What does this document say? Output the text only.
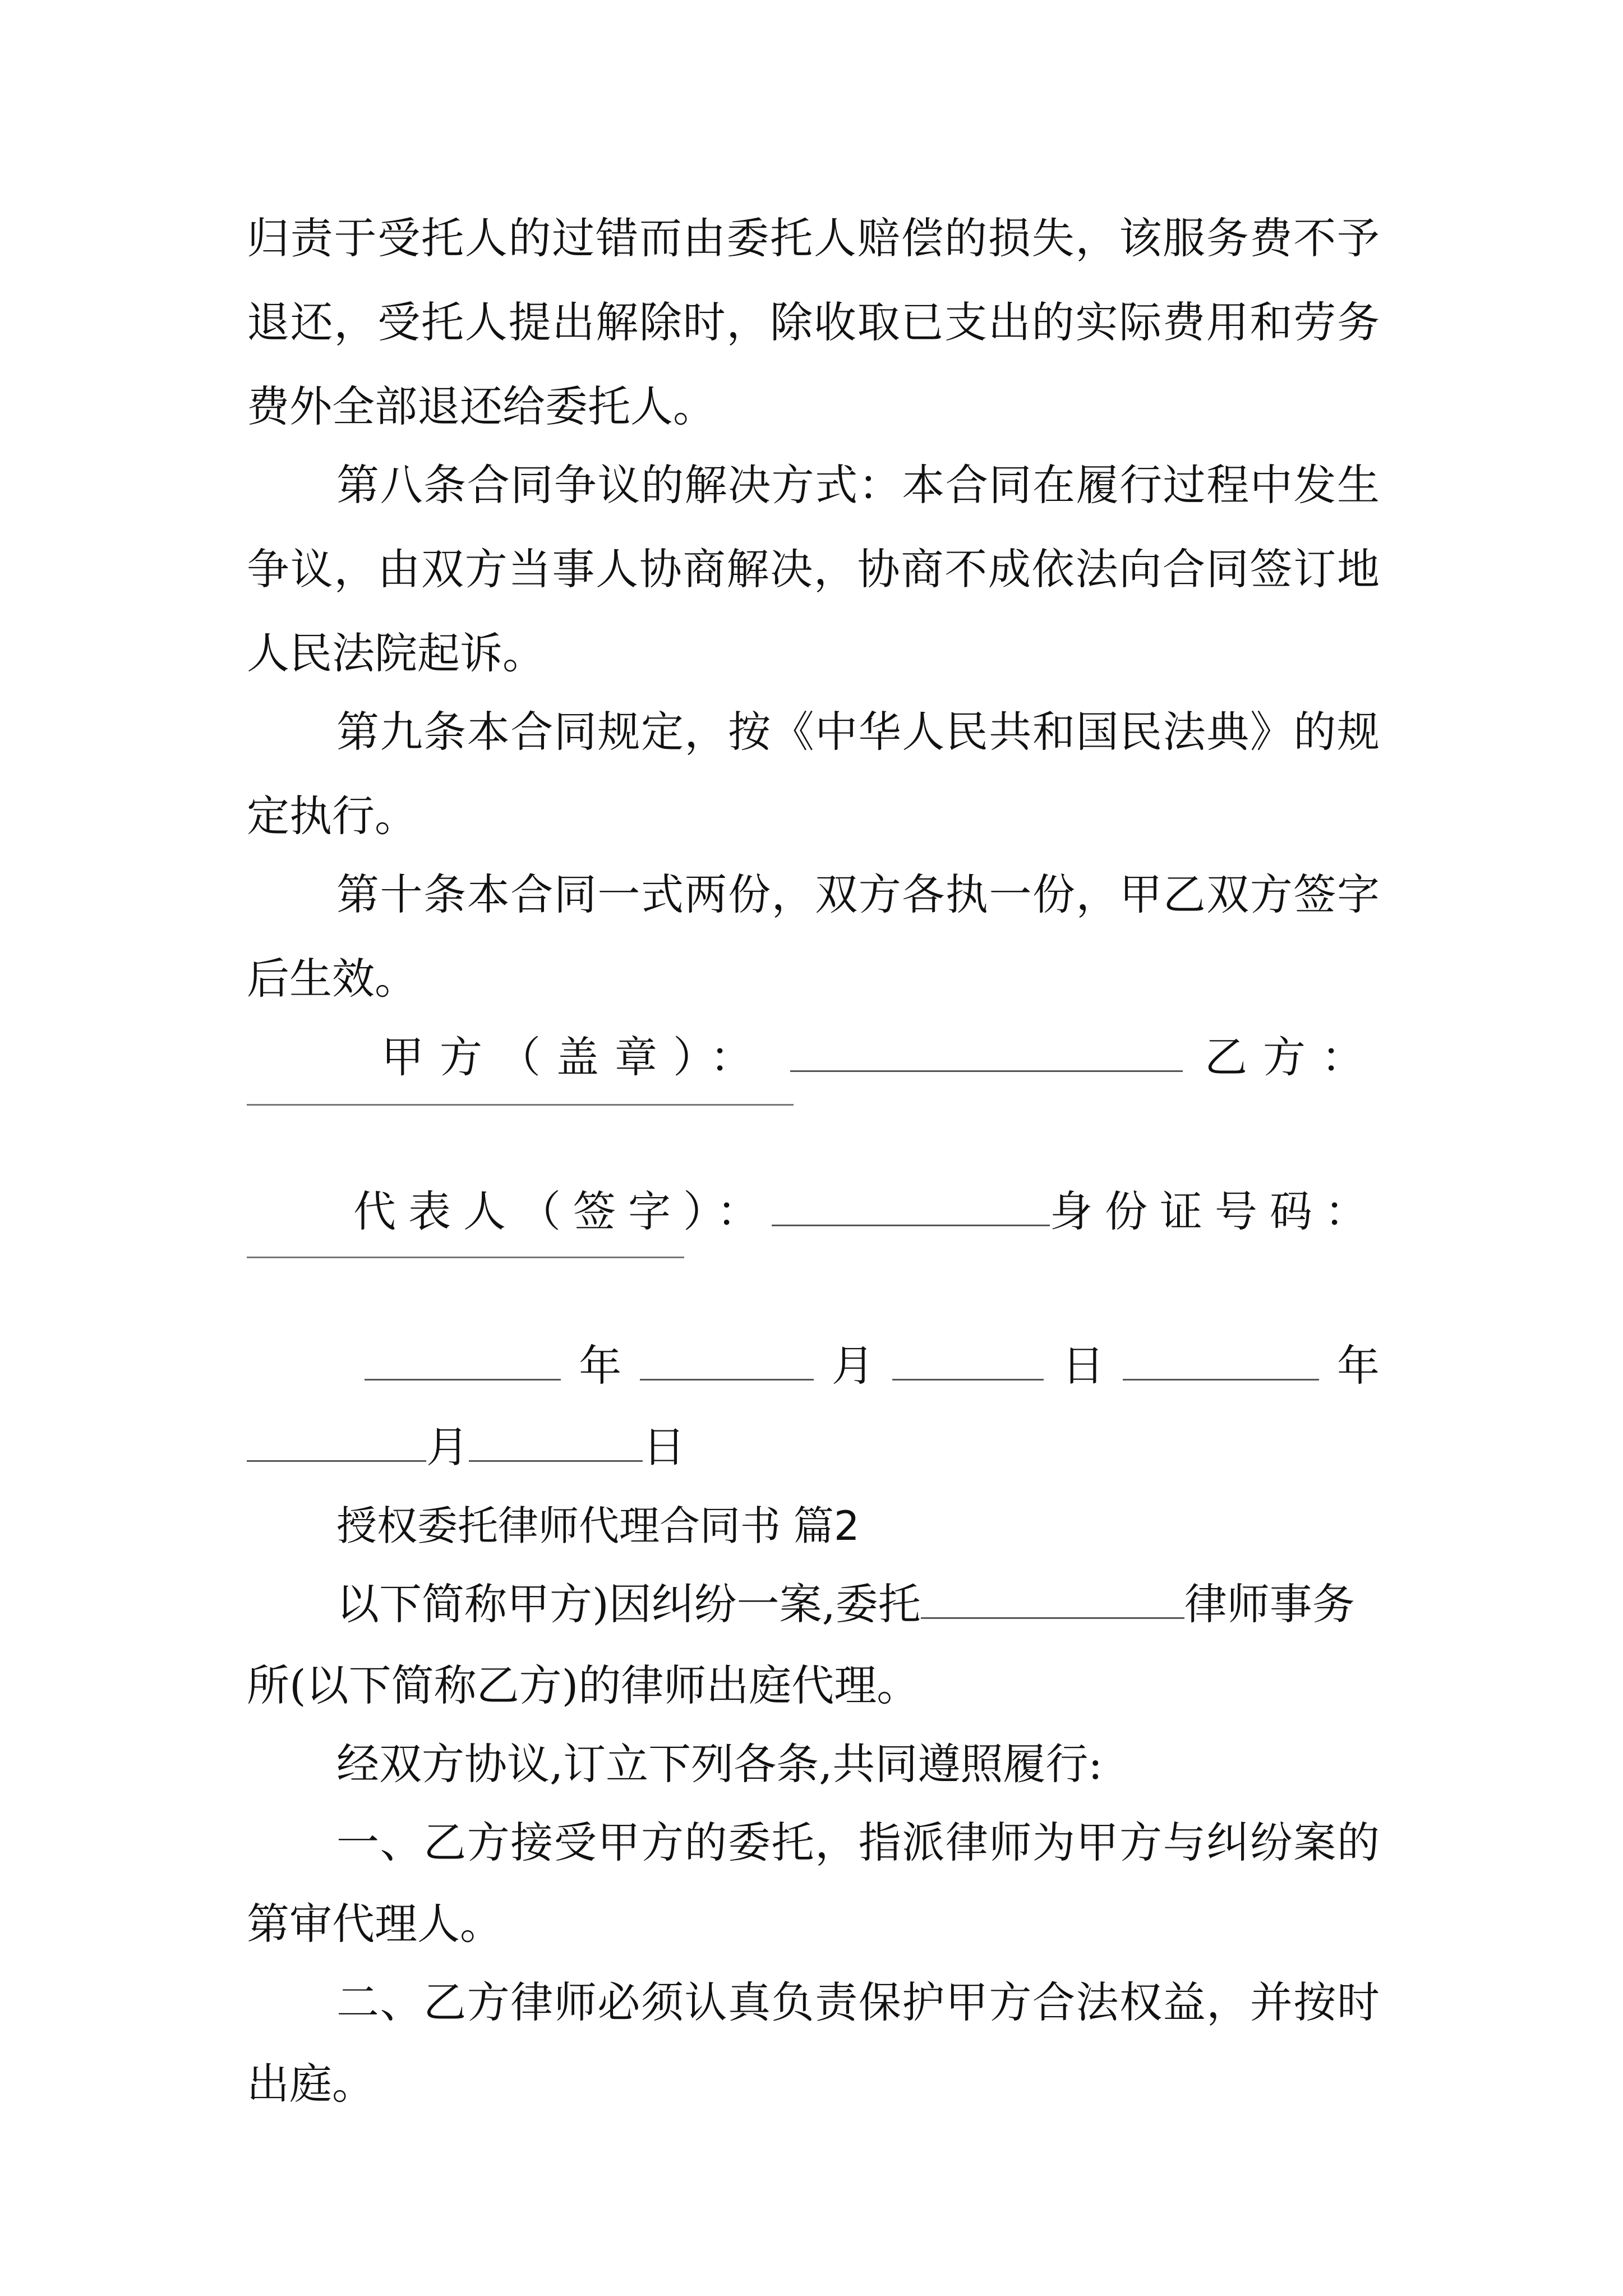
归责于受托人的过错而由委托人赔偿的损失，该服务费不予
退还，受托人提出解除时，除收取已支出的实际费用和劳务
费外全部退还给委托人。
第八条合同争议的解决方式：本合同在履行过程中发生
争议，由双方当事人协商解决，协商不成依法向合同签订地
人民法院起诉。
第九条本合同规定，按《中华人民共和国民法典》的规
定执行。
第十条本合同一式两份，双方各执一份，甲乙双方签字
后生效。
甲方（盖章）：	乙方：
代表人（签字）：	身份证号码：
年	月	日	年
月	日
授权委托律师代理合同书 篇2
以下简称甲方)因纠纷一案,委托	律师事务
所(以下简称乙方)的律师出庭代理。
经双方协议,订立下列各条,共同遵照履行:
一、乙方接受甲方的委托，指派律师为甲方与纠纷案的
第审代理人。
二、乙方律师必须认真负责保护甲方合法权益，并按时
出庭。
